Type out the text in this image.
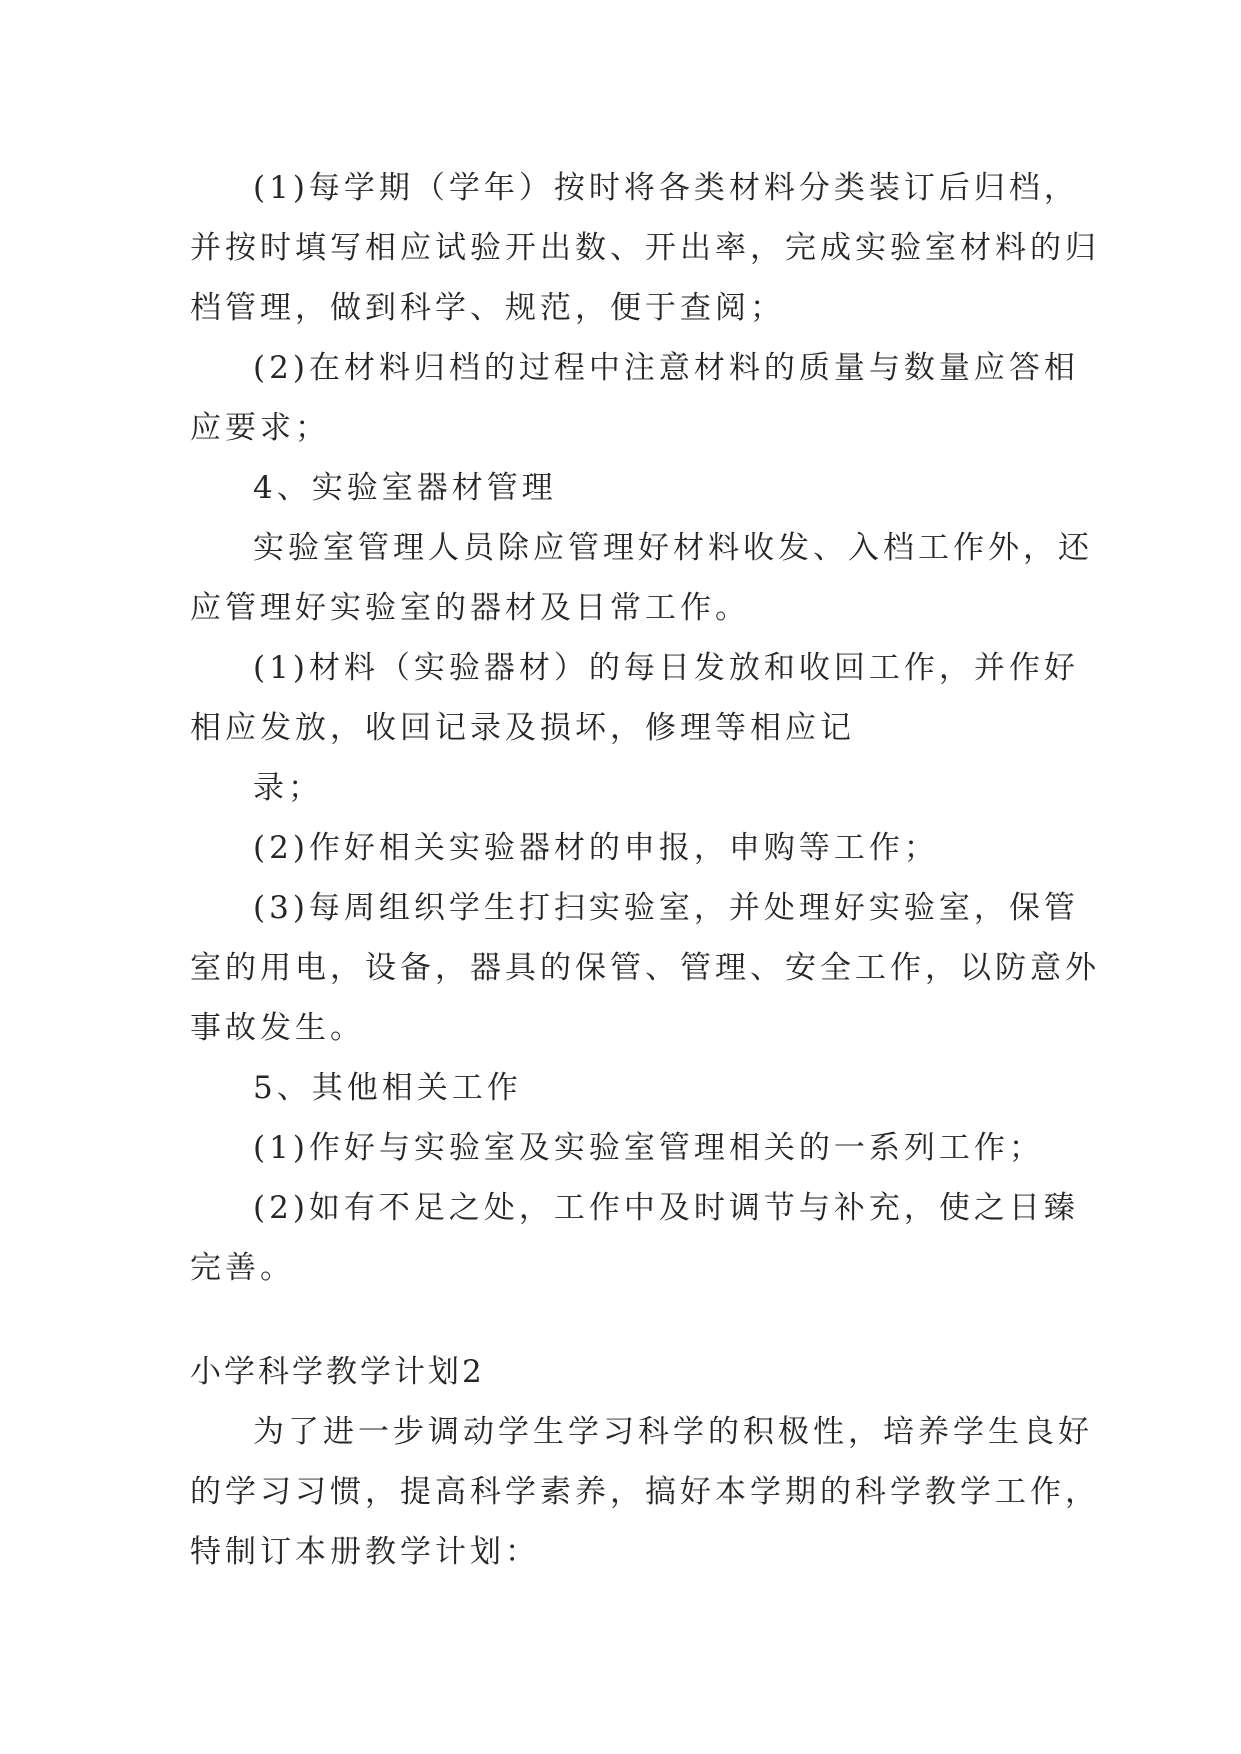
(1)每学期（学年）按时将各类材料分类装订后归档，
并按时填写相应试验开出数、开出率，完成实验室材料的归
档管理，做到科学、规范，便于查阅；
(2)在材料归档的过程中注意材料的质量与数量应答相
应要求；
4、实验室器材管理
实验室管理人员除应管理好材料收发、入档工作外，还
应管理好实验室的器材及日常工作。
(1)材料（实验器材）的每日发放和收回工作，并作好
相应发放，收回记录及损坏，修理等相应记
录；
(2)作好相关实验器材的申报，申购等工作；
(3)每周组织学生打扫实验室，并处理好实验室，保管
室的用电，设备，器具的保管、管理、安全工作，以防意外
事故发生。
5、其他相关工作
(1)作好与实验室及实验室管理相关的一系列工作；
(2)如有不足之处，工作中及时调节与补充，使之日臻
完善。
小学科学教学计划2
为了进一步调动学生学习科学的积极性，培养学生良好
的学习习惯，提高科学素养，搞好本学期的科学教学工作，
特制订本册教学计划：
